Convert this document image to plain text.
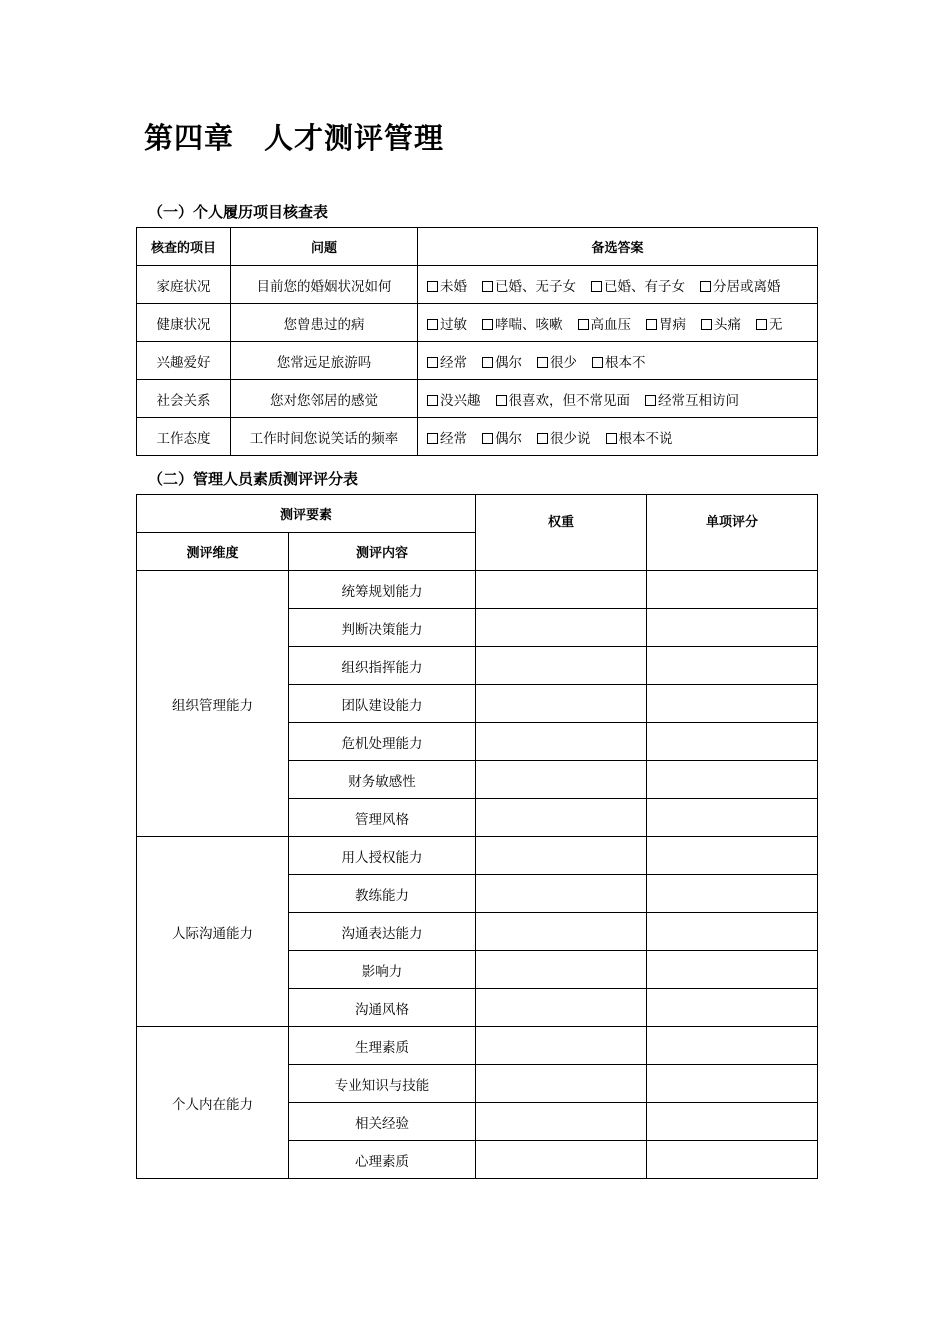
第四章　人才测评管理
（一）个人履历项目核查表
核查的项目	问题	备选答案
家庭状况	目前您的婚姻状况如何	未婚 已婚、无子女 已婚、有子女 分居或离婚
健康状况	您曾患过的病	过敏 哮喘、咳嗽 高血压 胃病 头痛 无
兴趣爱好	您常远足旅游吗	经常 偶尔 很少 根本不
社会关系	您对您邻居的感觉	没兴趣 很喜欢，但不常见面 经常互相访问
工作态度	工作时间您说笑话的频率	经常 偶尔 很少说 根本不说
（二）管理人员素质测评评分表
测评要素		权重	单项评分
测评维度	测评内容		
组织管理能力	统筹规划能力		
	判断决策能力		
	组织指挥能力		
	团队建设能力		
	危机处理能力		
	财务敏感性		
	管理风格		
人际沟通能力	用人授权能力		
	教练能力		
	沟通表达能力		
	影响力		
	沟通风格		
个人内在能力	生理素质		
	专业知识与技能		
	相关经验		
	心理素质		
